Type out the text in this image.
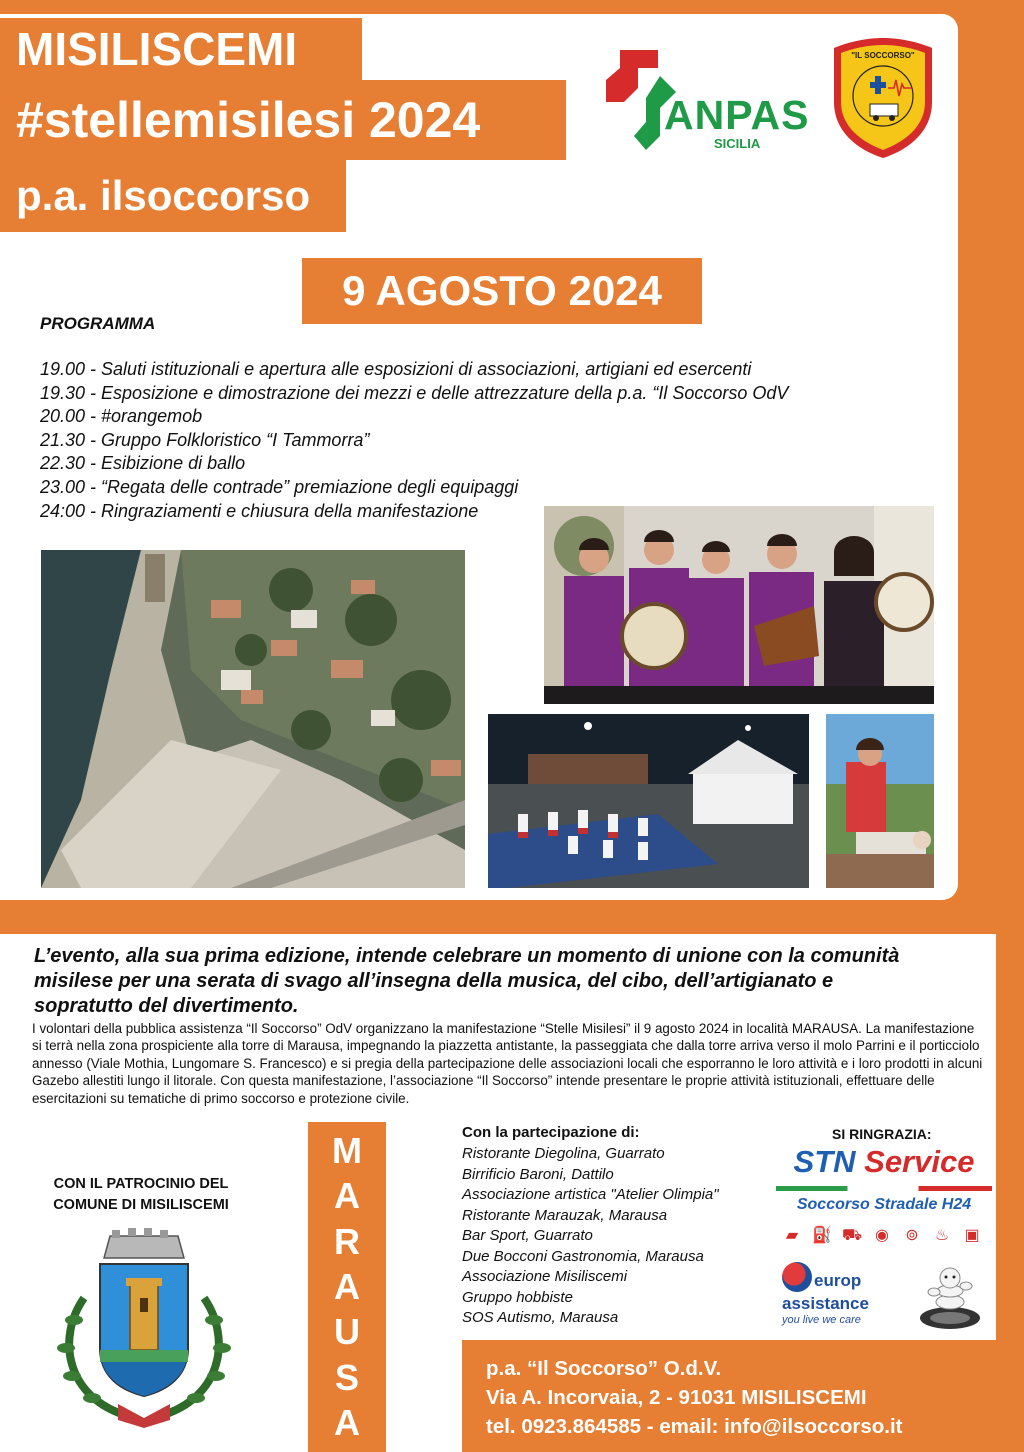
MISILISCEMI
#stellemisilesi 2024
p.a. ilsoccorso
ANPAS
SICILIA
"IL SOCCORSO"
9 AGOSTO 2024
PROGRAMMA
19.00 - Saluti istituzionali e apertura alle esposizioni di associazioni, artigiani ed esercenti
19.30 - Esposizione e dimostrazione dei mezzi e delle attrezzature della p.a. “Il Soccorso OdV
20.00 - #orangemob
21.30 - Gruppo Folkloristico “I Tammorra”
22.30 - Esibizione di ballo
23.00 - “Regata delle contrade” premiazione degli equipaggi
24:00 - Ringraziamenti e chiusura della manifestazione
L’evento, alla sua prima edizione, intende celebrare un momento di unione con la comunità misilese per una serata di svago all’insegna della musica, del cibo, dell’artigianato e sopratutto del divertimento.
I volontari della pubblica assistenza “Il Soccorso” OdV organizzano la manifestazione “Stelle Misilesi” il 9 agosto 2024 in località MARAUSA. La manifestazione si terrà nella zona prospiciente alla torre di Marausa, impegnando la piazzetta antistante, la passeggiata che dalla torre arriva verso il molo Parrini e il porticciolo annesso (Viale Mothia, Lungomare S. Francesco) e si pregia della partecipazione delle associazioni locali che esporranno le loro attività e i loro prodotti in alcuni Gazebo allestiti lungo il litorale. Con questa manifestazione, l’associazione “Il Soccorso” intende presentare le proprie attività istituzionali, effettuare delle esercitazioni su tematiche di primo soccorso e protezione civile.
CON IL PATROCINIO DEL
COMUNE DI MISILISCEMI
M
A
R
A
U
S
A
Con la partecipazione di:
Ristorante Diegolina, Guarrato
Birrificio Baroni, Dattilo
Associazione artistica "Atelier Olimpia"
Ristorante Marauzak, Marausa
Bar Sport, Guarrato
Due Bocconi Gastronomia, Marausa
Associazione Misiliscemi
Gruppo hobbiste
SOS Autismo, Marausa
SI RINGRAZIA:
STN Service
Soccorso Stradale H24
▰ ⛽ ⛟ ◉ ⊚ ♨ ▣
europ
assistance
you live we care
p.a. “Il Soccorso” O.d.V.
Via A. Incorvaia, 2 - 91031 MISILISCEMI
tel. 0923.864585 - email: info@ilsoccorso.it
